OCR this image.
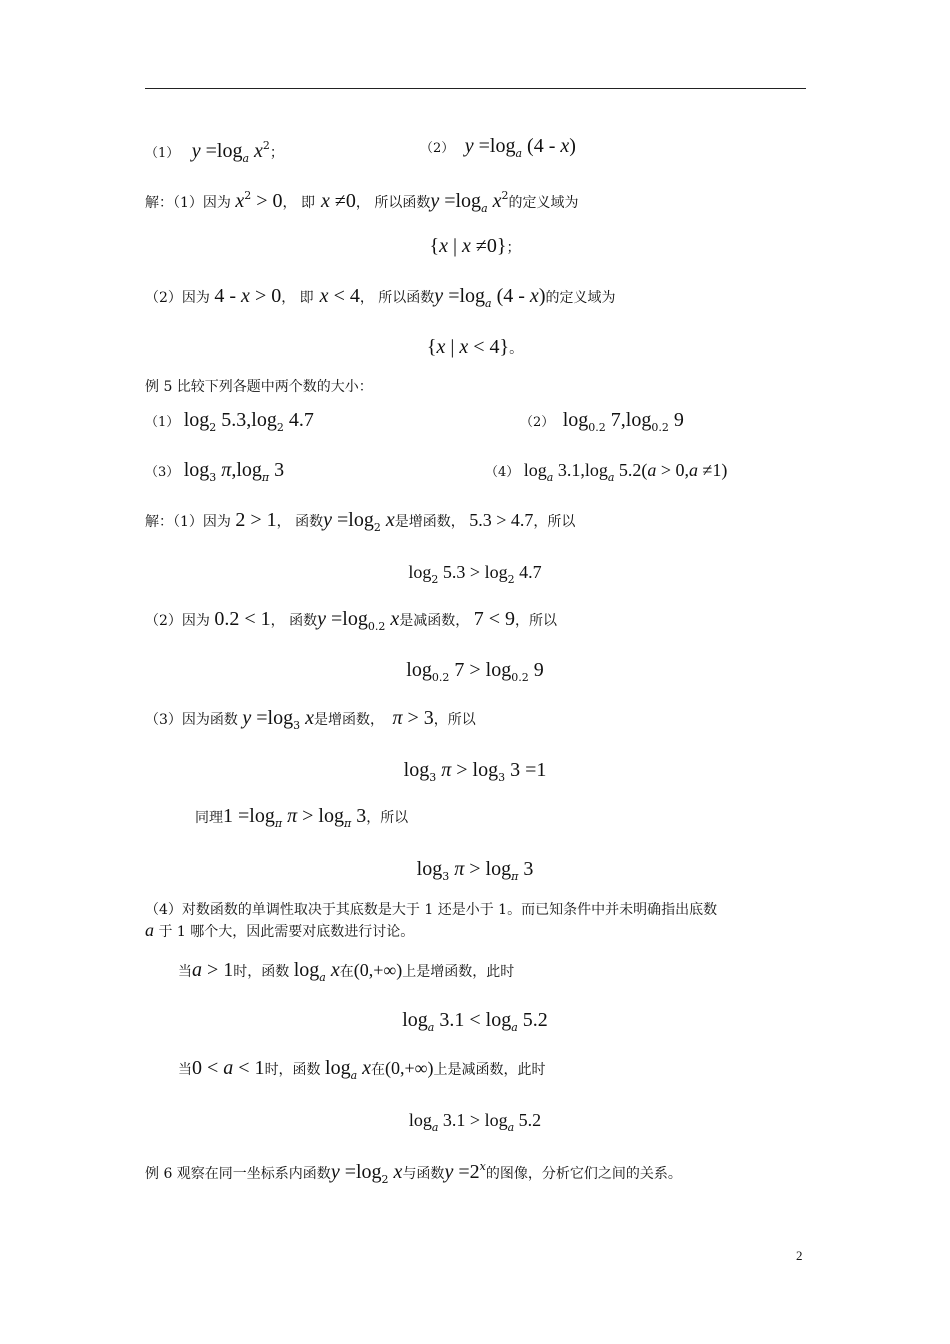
（1） $y =\log_a$ $x^2$；	（2） $y =\log_a$ (4 - x)
解：（1）因为 $x^2 > 0$， 即 x ≠0， 所以函数$y =\log_a$ $x^2$的定义域为
{x | x ≠0}；
（2）因为 4 - x > 0， 即 x < 4， 所以函数$y =\log_a$ (4 - x)的定义域为
{x | x < 4}。
例 5 比较下列各题中两个数的大小：
（1） $\log_2 5.3,\log_2$ 4.7	（2） $\log_{0.2} 7,\log_{0.2}$ 9
（3） $\log_3 \pi,\log_\pi$ 3	（4） $\log_a 3.1,\log_a$ 5.2(a > 0,a ≠1)
解：（1）因为 2 > 1， 函数$y =\log_2$ x是增函数， 5.3 > 4.7，所以
$\log_2 5.3 > \log_2 4.7$
（2）因为 0.2 < 1， 函数$y =\log_{0.2}$ x是减函数， 7 < 9，所以
$\log_{0.2} 7 > \log_{0.2} 9$
（3）因为函数 $y =\log_3$ x是增函数， π > 3，所以
$\log_3 \pi > \log_3 3 =1$
同理$1 =\log_\pi$ $\pi > \log_\pi 3$，所以
$\log_3 \pi > \log_\pi 3$
（4）对数函数的单调性取决于其底数是大于 1 还是小于 1。而已知条件中并未明确指出底数
a 于 1 哪个大，因此需要对底数进行讨论。
当a > 1时，函数 $\log_a x$在(0,+∞)上是增函数，此时
$\log_a 3.1 < \log_a 5.2$
当0 < a < 1时，函数 $\log_a x$在(0,+∞)上是减函数，此时
$\log_a 3.1 > \log_a 5.2$
例 6 观察在同一坐标系内函数$y =\log_2$ x与函数$y =2^x$的图像，分析它们之间的关系。
2
